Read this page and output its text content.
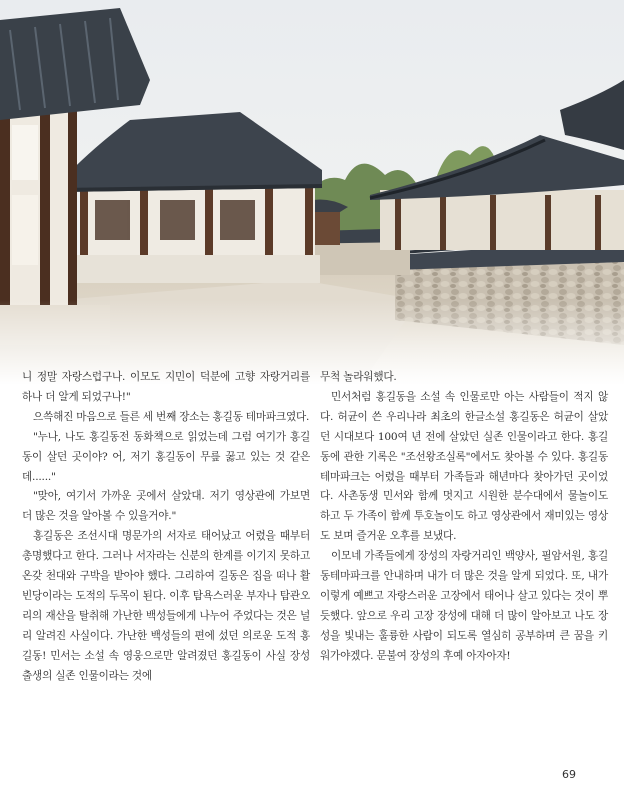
니 정말 자랑스럽구나. 이모도 지민이 덕분에 고향 자랑거리를 하나 더 알게 되었구나!"

으쓱해진 마음으로 들른 세 번째 장소는 홍길동 테마파크였다.

"누나, 나도 홍길동전 동화책으로 읽었는데 그럼 여기가 홍길동이 살던 곳이야? 어, 저기 홍길동이 무릎 꿇고 있는 것 같은데......"

"맞아, 여기서 가까운 곳에서 살았대. 저기 영상관에 가보면 더 많은 것을 알아볼 수 있을거야."

홍길동은 조선시대 명문가의 서자로 태어났고 어렸을 때부터 총명했다고 한다. 그러나 서자라는 신분의 한계를 이기지 못하고 온갖 천대와 구박을 받아야 했다. 그리하여 길동은 집을 떠나 활빈당이라는 도적의 두목이 된다. 이후 탐욕스러운 부자나 탐관오리의 재산을 탈취해 가난한 백성들에게 나누어 주었다는 것은 널리 알려진 사실이다. 가난한 백성들의 편에 섰던 의로운 도적 홍길동! 민서는 소설 속 영웅으로만 알려졌던 홍길동이 사실 장성 출생의 실존 인물이라는 것에

무척 놀라워했다.

민서처럼 홍길동을 소설 속 인물로만 아는 사람들이 적지 않다. 허균이 쓴 우리나라 최초의 한글소설 홍길동은 허균이 살았던 시대보다 100여 년 전에 살았던 실존 인물이라고 한다. 홍길동에 관한 기록은 "조선왕조실록"에서도 찾아볼 수 있다. 홍길동 테마파크는 어렸을 때부터 가족들과 해년마다 찾아가던 곳이었다. 사촌동생 민서와 함께 멋지고 시원한 분수대에서 물놀이도 하고 두 가족이 함께 투호놀이도 하고 영상관에서 재미있는 영상도 보며 즐거운 오후를 보냈다.

이모네 가족들에게 장성의 자랑거리인 백양사, 필암서원, 홍길동테마파크를 안내하며 내가 더 많은 것을 알게 되었다. 또, 내가 이렇게 예쁘고 자랑스러운 고장에서 태어나 살고 있다는 것이 뿌듯했다. 앞으로 우리 고장 장성에 대해 더 많이 알아보고 나도 장성을 빛내는 훌륭한 사람이 되도록 열심히 공부하며 큰 꿈을 키워가야겠다. 문불여 장성의 후예 아자아자!

69
